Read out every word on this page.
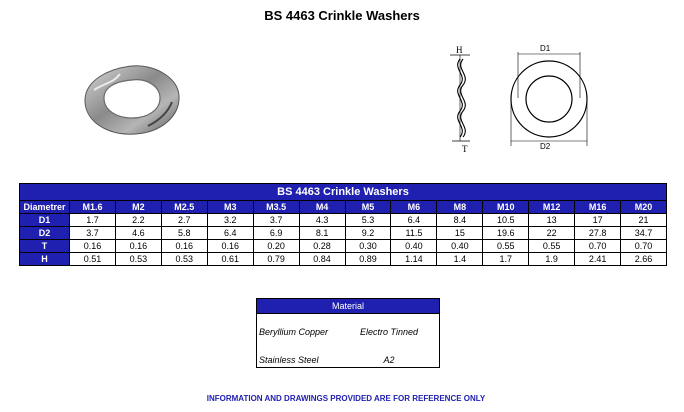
BS 4463 Crinkle Washers
H
T
D1
D2
BS 4463 Crinkle Washers													
Diametrer	M1.6	M2	M2.5	M3	M3.5	M4	M5	M6	M8	M10	M12	M16	M20
D1	1.7	2.2	2.7	3.2	3.7	4.3	5.3	6.4	8.4	10.5	13	17	21
D2	3.7	4.6	5.8	6.4	6.9	8.1	9.2	11.5	15	19.6	22	27.8	34.7
T	0.16	0.16	0.16	0.16	0.20	0.28	0.30	0.40	0.40	0.55	0.55	0.70	0.70
H	0.51	0.53	0.53	0.61	0.79	0.84	0.89	1.14	1.4	1.7	1.9	2.41	2.66
Material
Beryllium Copper	Electro Tinned
Stainless Steel	A2
INFORMATION AND DRAWINGS PROVIDED ARE FOR REFERENCE ONLY
